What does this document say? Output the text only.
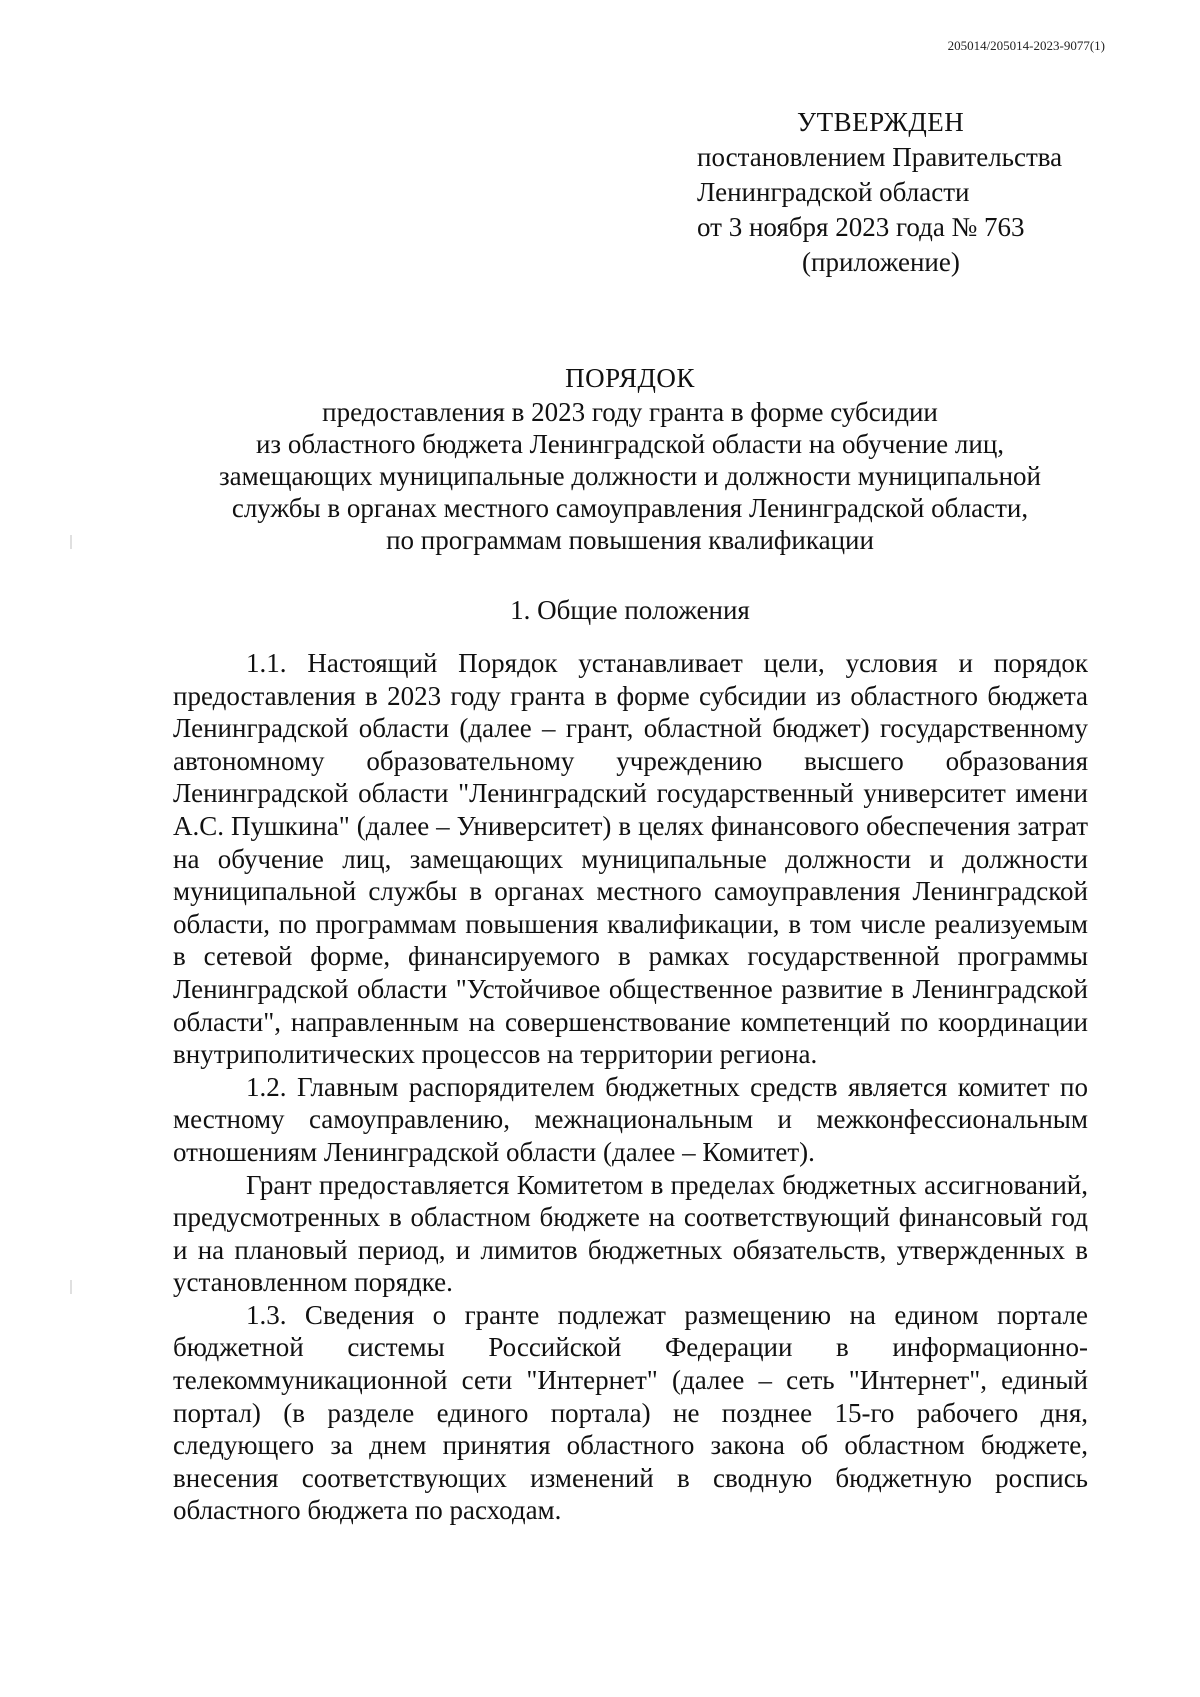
205014/205014-2023-9077(1)
УТВЕРЖДЕН
постановлением Правительства
Ленинградской области
от 3 ноября 2023 года № 763
(приложение)
ПОРЯДОК
предоставления в 2023 году гранта в форме субсидии
из областного бюджета Ленинградской области на обучение лиц,
замещающих муниципальные должности и должности муниципальной
службы в органах местного самоуправления Ленинградской области,
по программам повышения квалификации
1. Общие положения

1.1. Настоящий Порядок устанавливает цели, условия и порядок предоставления в 2023 году гранта в форме субсидии из областного бюджета Ленинградской области (далее – грант, областной бюджет) государственному автономному образовательному учреждению высшего образования Ленинградской области "Ленинградский государственный университет имени А.С. Пушкина" (далее – Университет) в целях финансового обеспечения затрат на обучение лиц, замещающих муниципальные должности и должности муниципальной службы в органах местного самоуправления Ленинградской области, по программам повышения квалификации, в том числе реализуемым в сетевой форме, финансируемого в рамках государственной программы Ленинградской области "Устойчивое общественное развитие в Ленинградской области", направленным на совершенствование компетенций по координации внутриполитических процессов на территории региона.

1.2. Главным распорядителем бюджетных средств является комитет по местному самоуправлению, межнациональным и межконфессиональным отношениям Ленинградской области (далее – Комитет).

Грант предоставляется Комитетом в пределах бюджетных ассигнований, предусмотренных в областном бюджете на соответствующий финансовый год и на плановый период, и лимитов бюджетных обязательств, утвержденных в установленном порядке.

1.3. Сведения о гранте подлежат размещению на едином портале бюджетной системы Российской Федерации в информационно-телекоммуникационной сети "Интернет" (далее – сеть "Интернет", единый портал) (в разделе единого портала) не позднее 15-го рабочего дня, следующего за днем принятия областного закона об областном бюджете, внесения соответствующих изменений в сводную бюджетную роспись областного бюджета по расходам.
